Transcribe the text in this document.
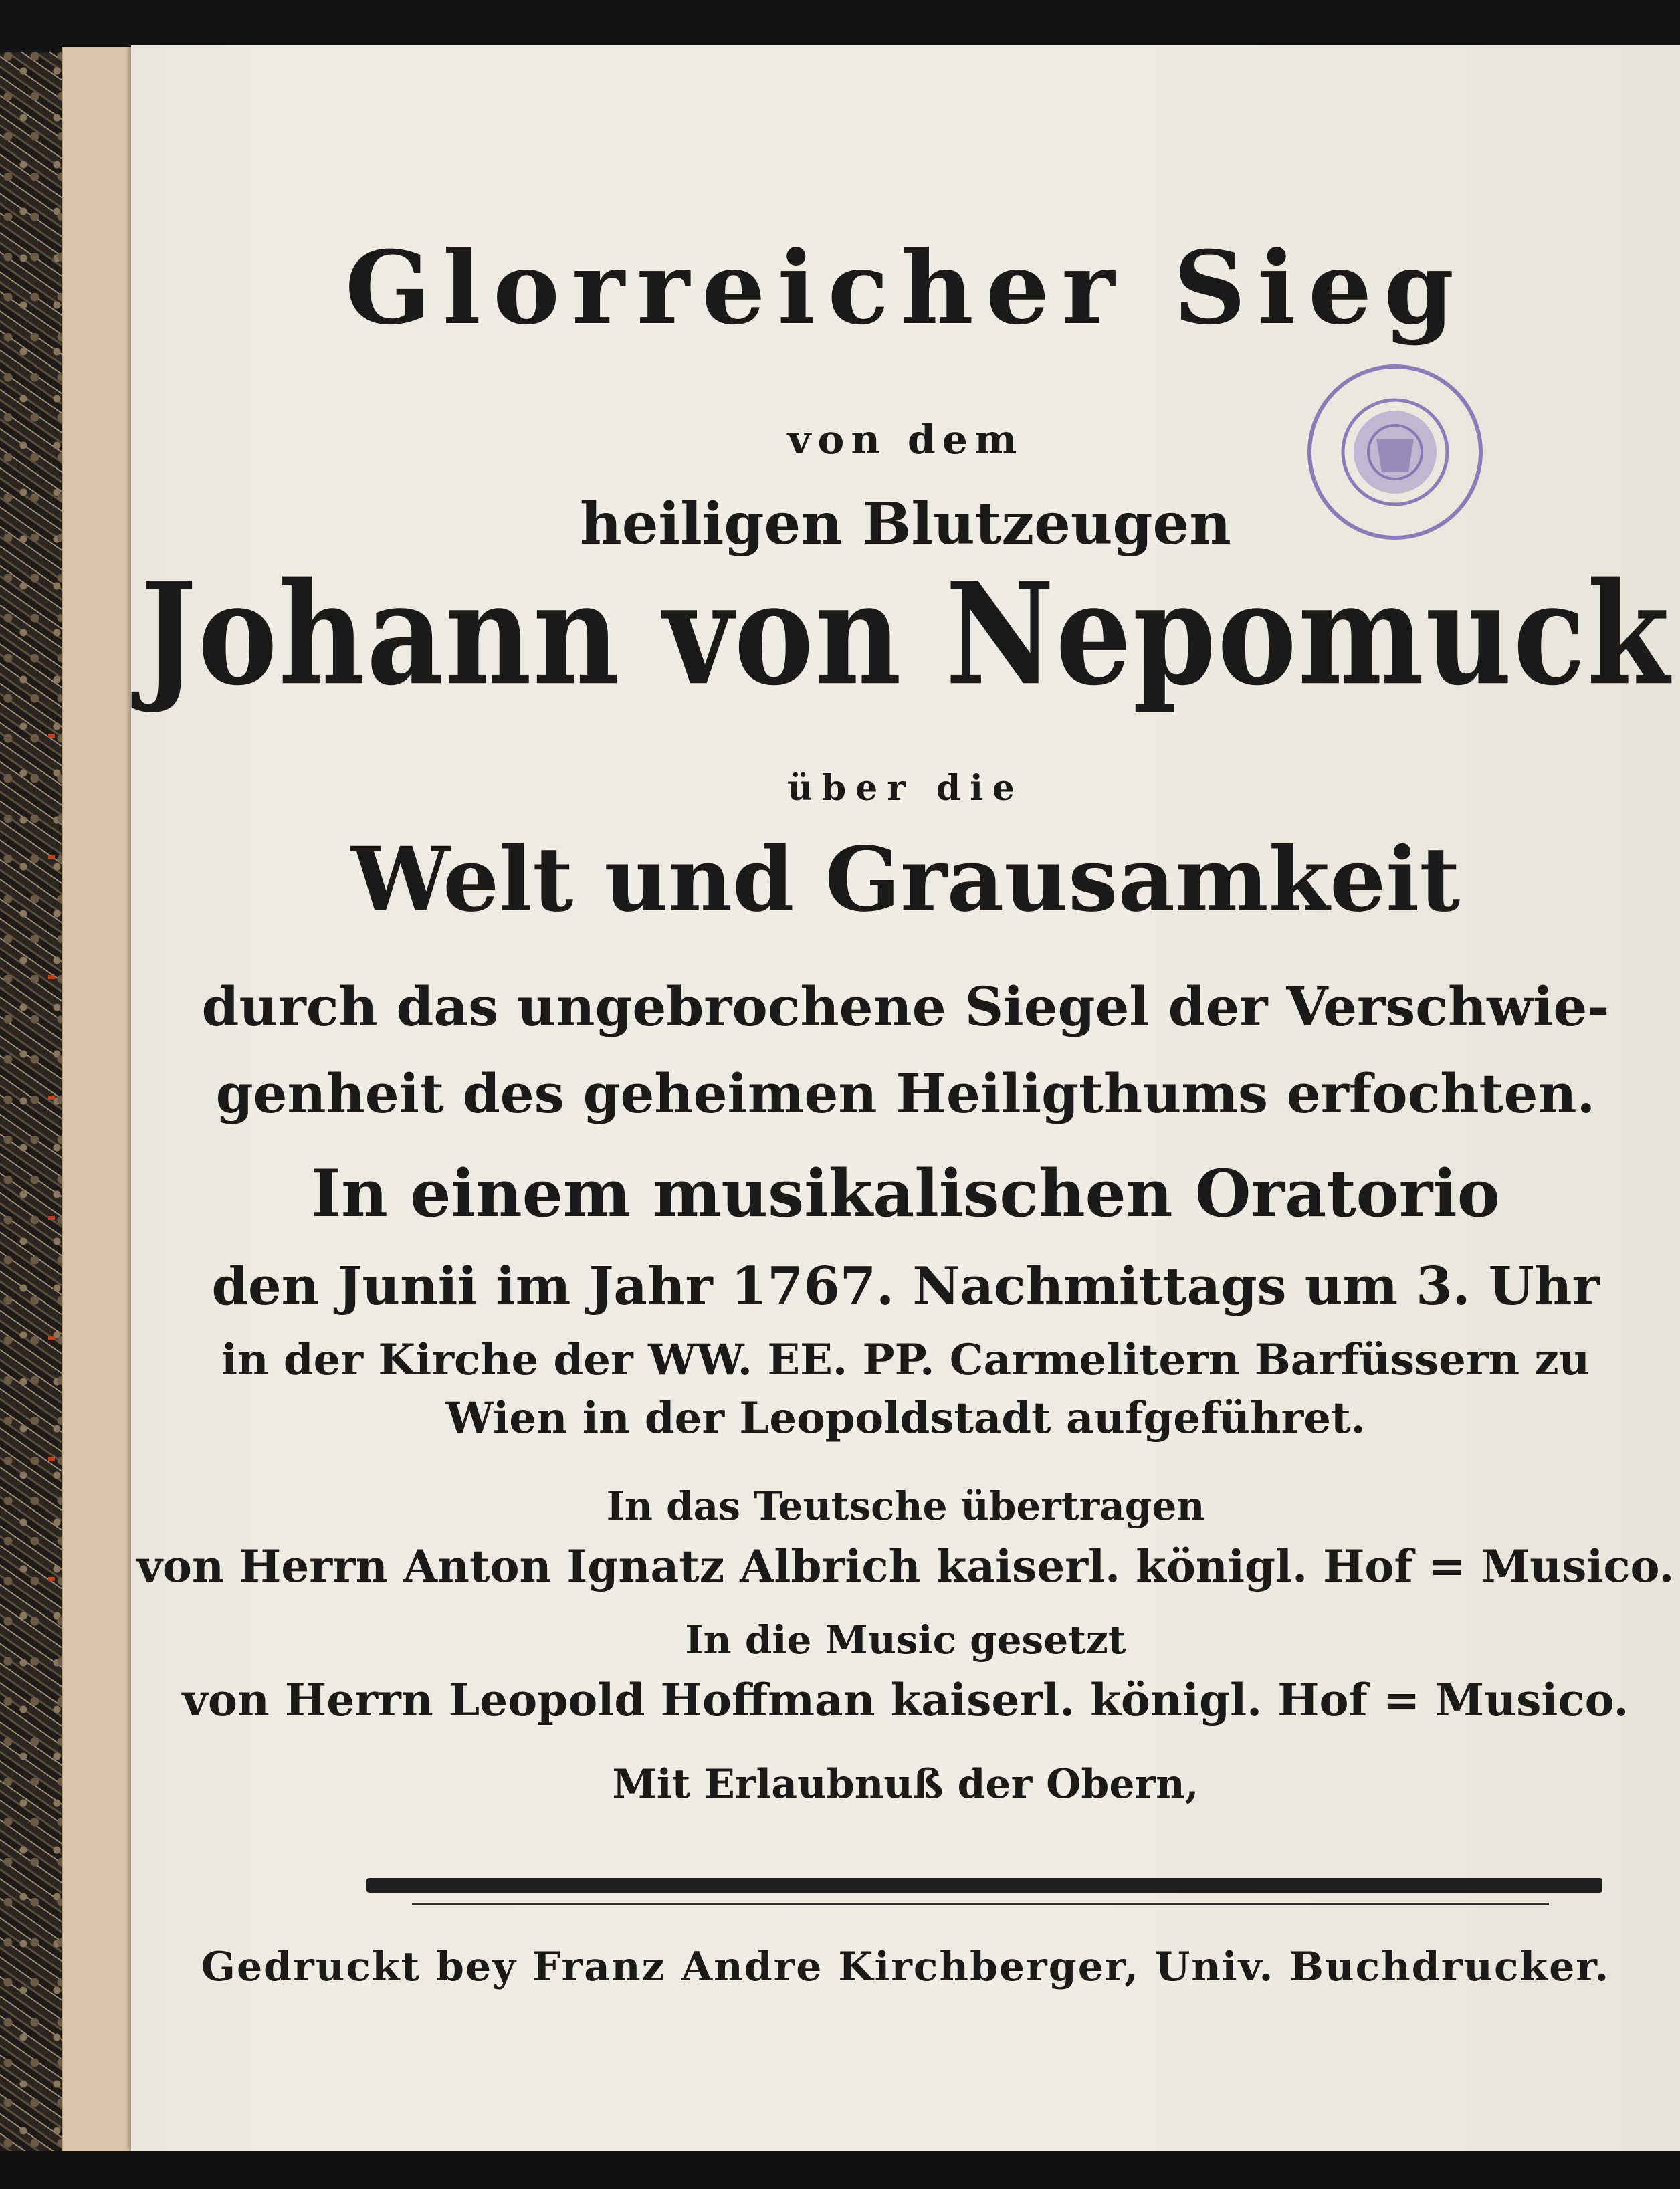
Glorreicher Sieg
von dem
heiligen Blutzeugen
Johann von Nepomuck
über die
Welt und Grausamkeit
durch das ungebrochene Siegel der Verschwie-
genheit des geheimen Heiligthums erfochten.
In einem musikalischen Oratorio
den Junii im Jahr 1767. Nachmittags um 3. Uhr
in der Kirche der WW. EE. PP. Carmelitern Barfüssern zu
Wien in der Leopoldstadt aufgeführet.
In das Teutsche übertragen
von Herrn Anton Ignatz Albrich kaiserl. königl. Hof = Musico.
In die Music gesetzt
von Herrn Leopold Hoffman kaiserl. königl. Hof = Musico.
Mit Erlaubnuß der Obern,
Gedruckt bey Franz Andre Kirchberger, Univ. Buchdrucker.
